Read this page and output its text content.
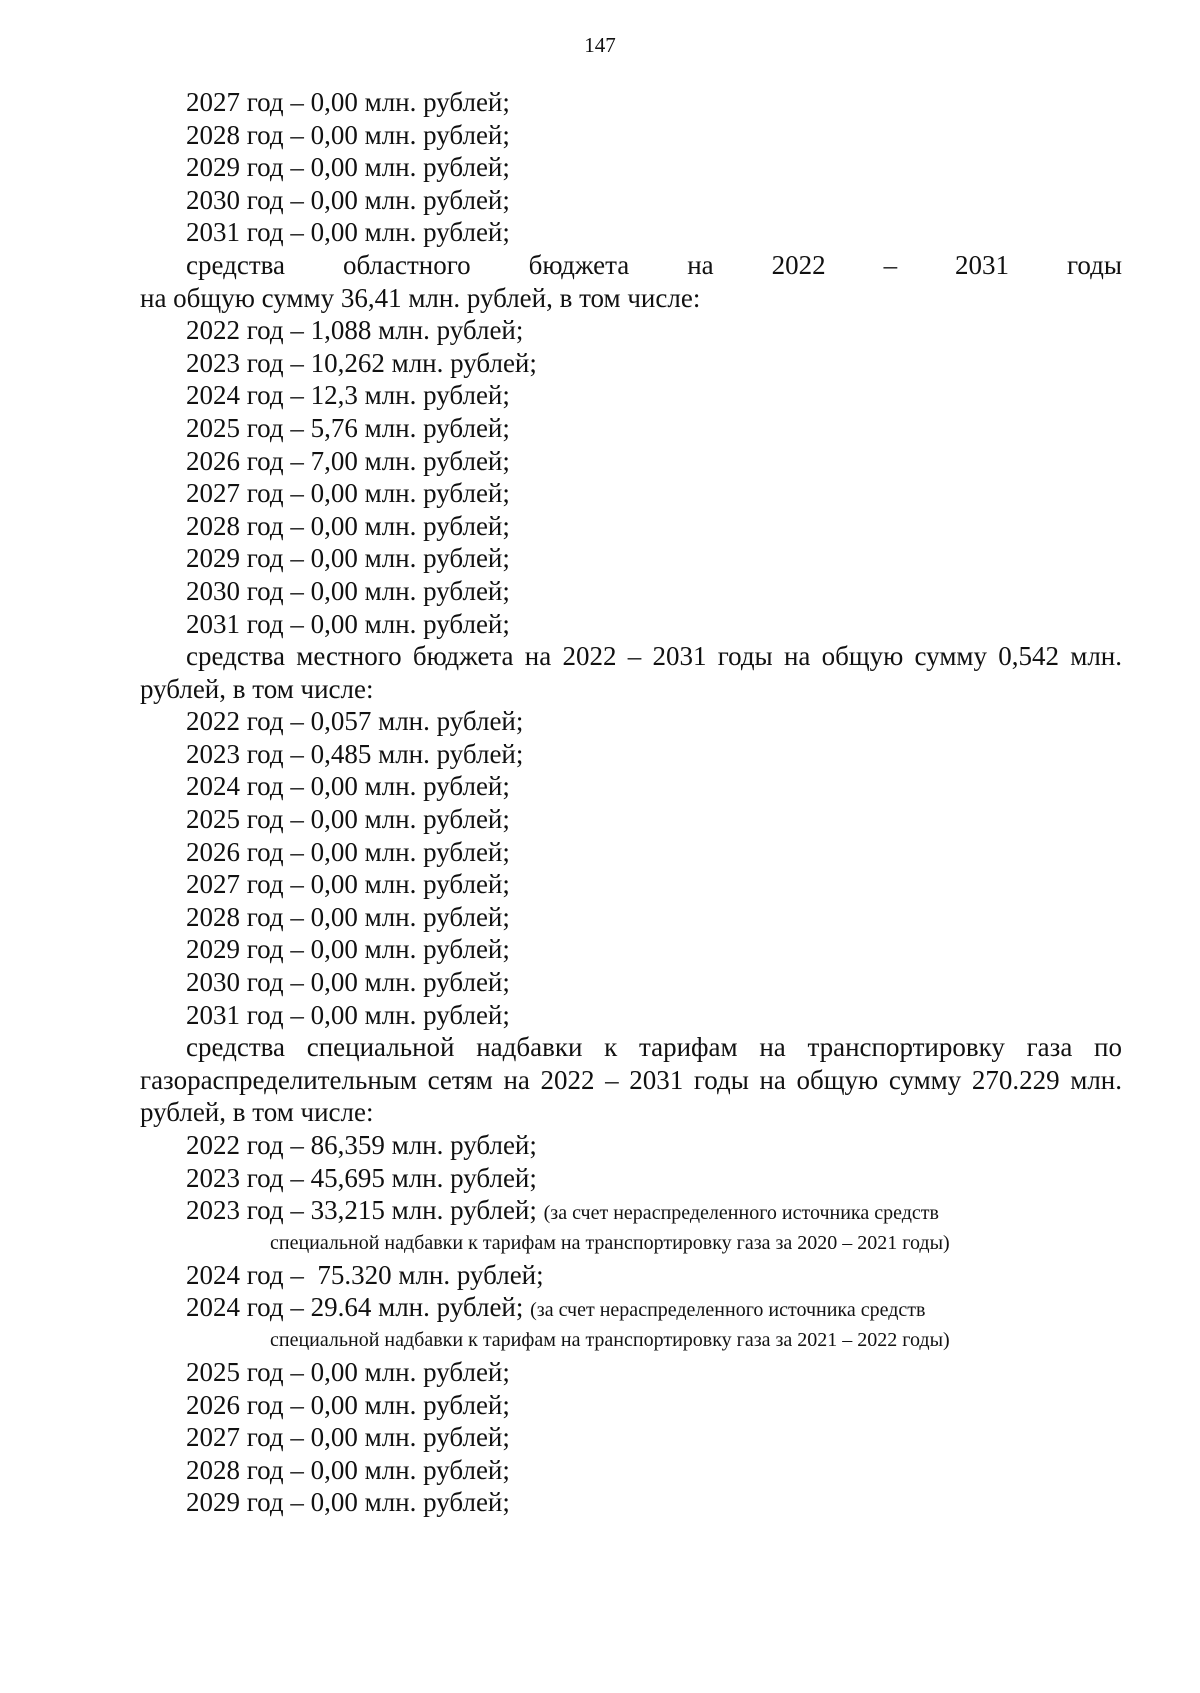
147
2027 год – 0,00 млн. рублей;
2028 год – 0,00 млн. рублей;
2029 год – 0,00 млн. рублей;
2030 год – 0,00 млн. рублей;
2031 год – 0,00 млн. рублей;
средства областного бюджета на 2022 – 2031 годы
на общую сумму 36,41 млн. рублей, в том числе:
2022 год – 1,088 млн. рублей;
2023 год – 10,262 млн. рублей;
2024 год – 12,3 млн. рублей;
2025 год – 5,76 млн. рублей;
2026 год – 7,00 млн. рублей;
2027 год – 0,00 млн. рублей;
2028 год – 0,00 млн. рублей;
2029 год – 0,00 млн. рублей;
2030 год – 0,00 млн. рублей;
2031 год – 0,00 млн. рублей;
средства местного бюджета на 2022 – 2031 годы на общую сумму 0,542 млн. рублей, в том числе:
2022 год – 0,057 млн. рублей;
2023 год – 0,485 млн. рублей;
2024 год – 0,00 млн. рублей;
2025 год – 0,00 млн. рублей;
2026 год – 0,00 млн. рублей;
2027 год – 0,00 млн. рублей;
2028 год – 0,00 млн. рублей;
2029 год – 0,00 млн. рублей;
2030 год – 0,00 млн. рублей;
2031 год – 0,00 млн. рублей;
средства специальной надбавки к тарифам на транспортировку газа по газораспределительным сетям на 2022 – 2031 годы на общую сумму 270.229 млн. рублей, в том числе:
2022 год – 86,359 млн. рублей;
2023 год – 45,695 млн. рублей;
2023 год – 33,215 млн. рублей; (за счет нераспределенного источника средств
специальной надбавки к тарифам на транспортировку газа за 2020 – 2021 годы)
2024 год –  75.320 млн. рублей;
2024 год – 29.64 млн. рублей; (за счет нераспределенного источника средств
специальной надбавки к тарифам на транспортировку газа за 2021 – 2022 годы)
2025 год – 0,00 млн. рублей;
2026 год – 0,00 млн. рублей;
2027 год – 0,00 млн. рублей;
2028 год – 0,00 млн. рублей;
2029 год – 0,00 млн. рублей;
